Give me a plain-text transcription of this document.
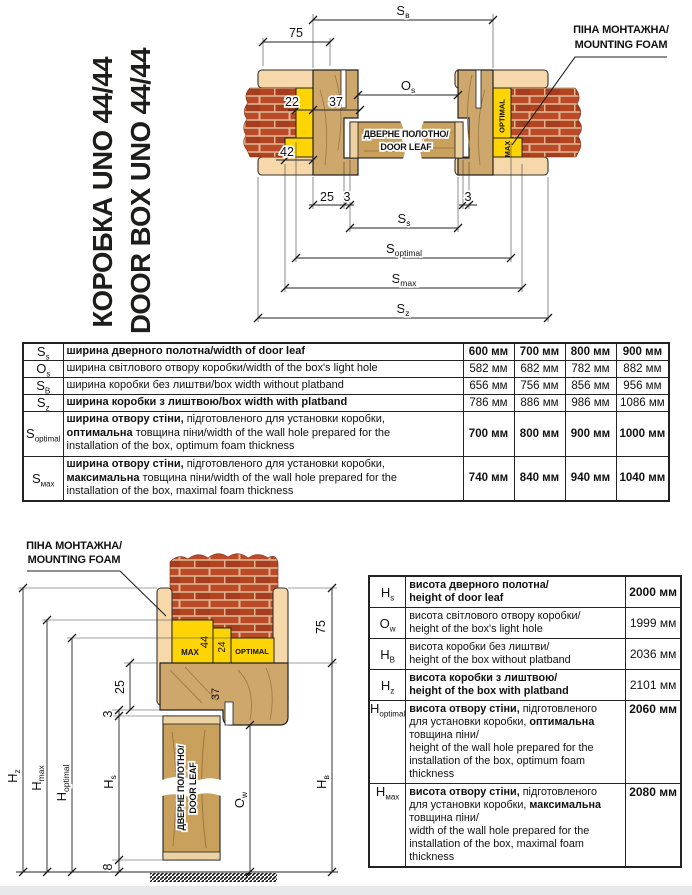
КОРОБКА UNO 44/44 DOOR BOX UNO 44/44	ДВЕРНЕ ПОЛОТНО/
DOOR LEAF
OPTIMAL
MAX
ПІНА МОНТАЖНА/
MOUNTING FOAM
$S_в$
75
$O_s$
22 37
42
25 3	3
$S_s$
$S_{optimal}$
$S_{max}$
$S_z$
$S_s$	ширина дверного полотна/width of door leaf	600 мм	700 мм	800 мм	900 мм
$O_s$	ширина світлового отвору коробки/width of the box's light hole	582 мм	682 мм	782 мм	882 мм
$S_B$	ширина коробки без лиштви/box width without platband	656 мм	756 мм	856 мм	956 мм
$S_z$	ширина коробки з лиштвою/box width with platband	786 мм	886 мм	986 мм	1086 мм
$S_{optimal}$	ширина отвору стіни, підготовленого для установки коробки,
оптимальна товщина піни/width of the wall hole prepared for the
installation of the box, optimum foam thickness	700 мм	800 мм	900 мм	1000 мм
$S_{мах}$	ширина отвору стіни, підготовленого для установки коробки,
максимальна товщина піни/width of the wall hole prepared for the
installation of the box, maximal foam thickness	740 мм	840 мм	940 мм	1040 мм
MAX	OPTIMAL
44 24
37
ДВЕРНЕ ПОЛОТНО/ DOOR LEAF
ПІНА МОНТАЖНА/
MOUNTING FOAM
$H_z$
$H_{max}$
$H_{optimal}$ $H_s$
3
8
25
$O_w$
75
$H_в$
$H_s$	висота дверного полотна/
height of door leaf	2000 мм
$O_w$	висота світлового отвору коробки/
height of the box's light hole	1999 мм
$H_B$	висота коробки без лиштви/
height of the box without platband	2036 мм
$H_z$	висота коробки з лиштвою/
height of the box with platband	2101 мм
$H_{optimal}$	висота отвору стіни, підготовленого
для установки коробки, оптимальна
товщина піни/
height of the wall hole prepared for the
installation of the box, optimum foam
thickness	2060 мм
$H_{мах}$	висота отвору стіни, підготовленого
для установки коробки, максимальна
товщина піни/
width of the wall hole prepared for the
installation of the box, maximal foam
thickness	2080 мм
